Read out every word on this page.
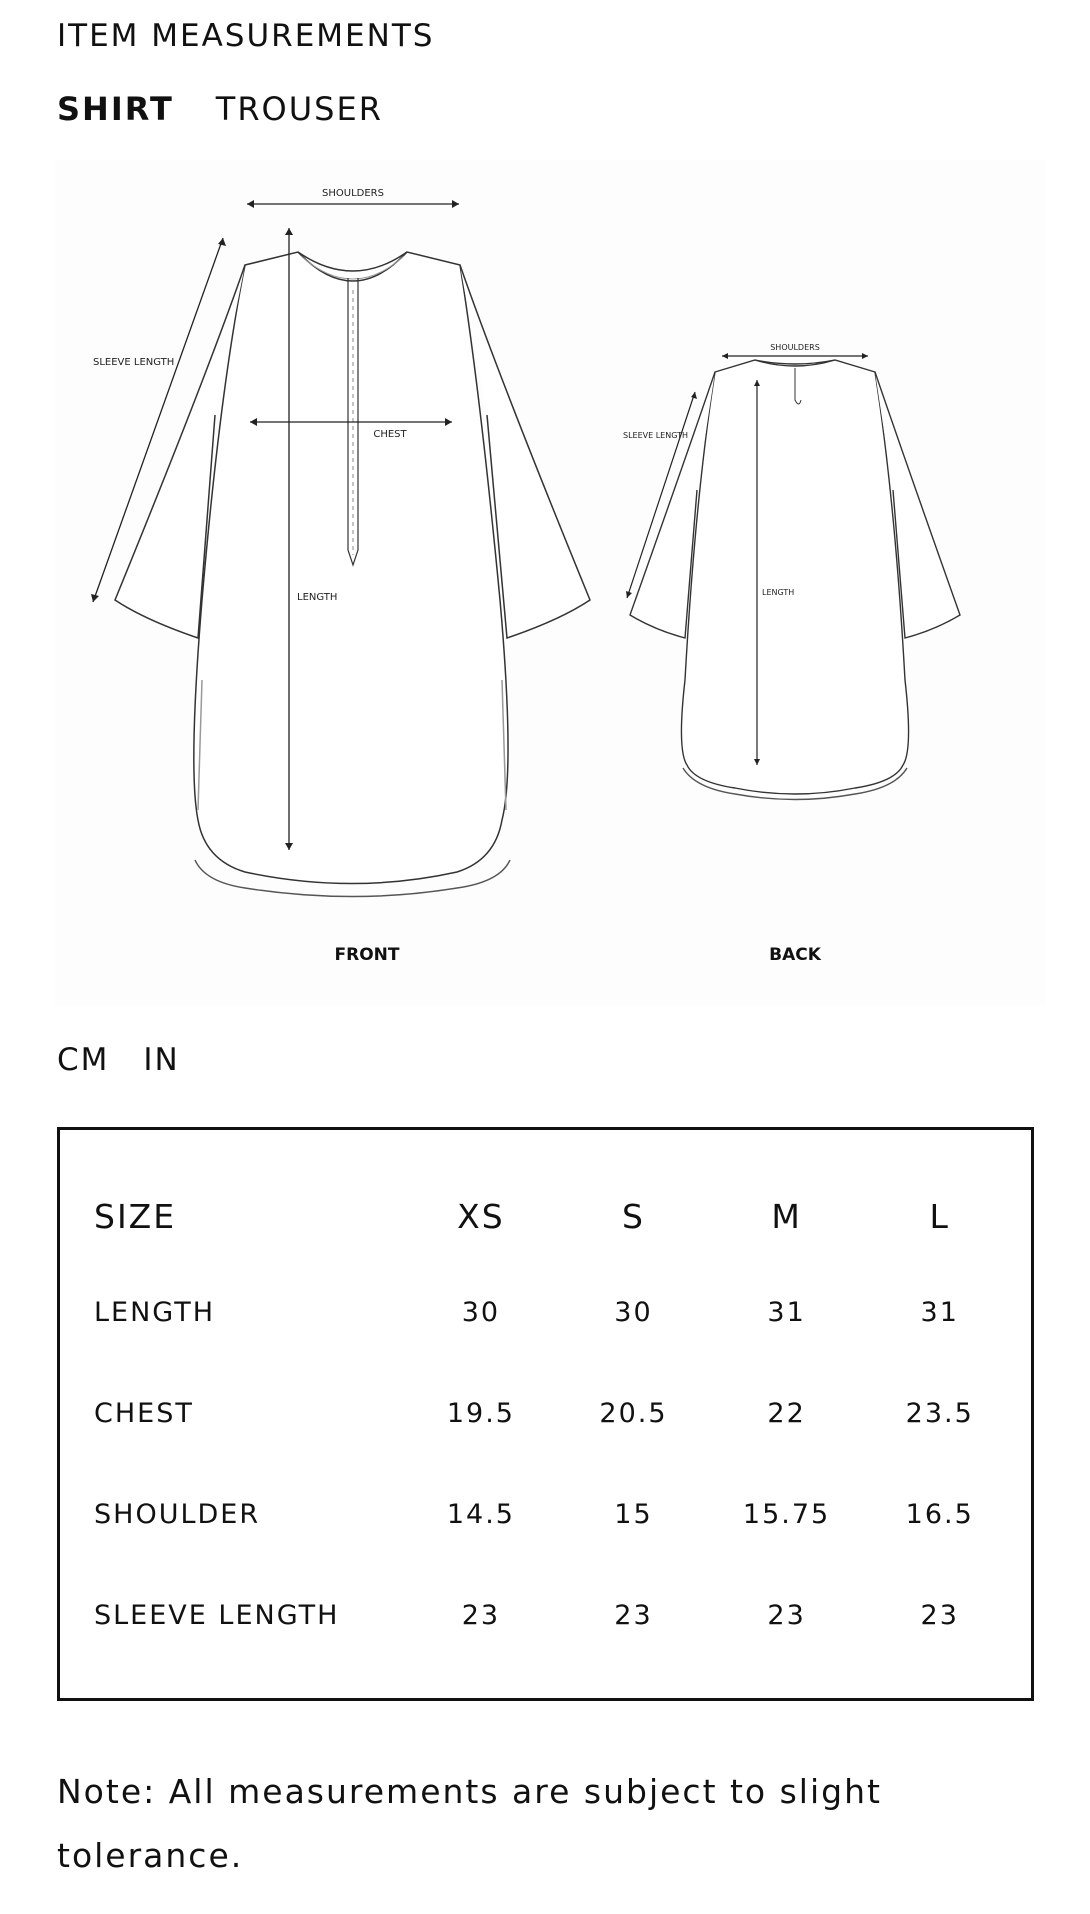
ITEM MEASUREMENTS
SHIRT TROUSER
SHOULDERS
SLEEVE LENGTH
CHEST
LENGTH
FRONT
SHOULDERS
SLEEVE LENGTH
LENGTH
BACK
CM IN
SIZE	XS	S	M	L
LENGTH	30	30	31	31
CHEST	19.5	20.5	22	23.5
SHOULDER	14.5	15	15.75	16.5
SLEEVE LENGTH	23	23	23	23

Note: All measurements are subject to slight tolerance.
